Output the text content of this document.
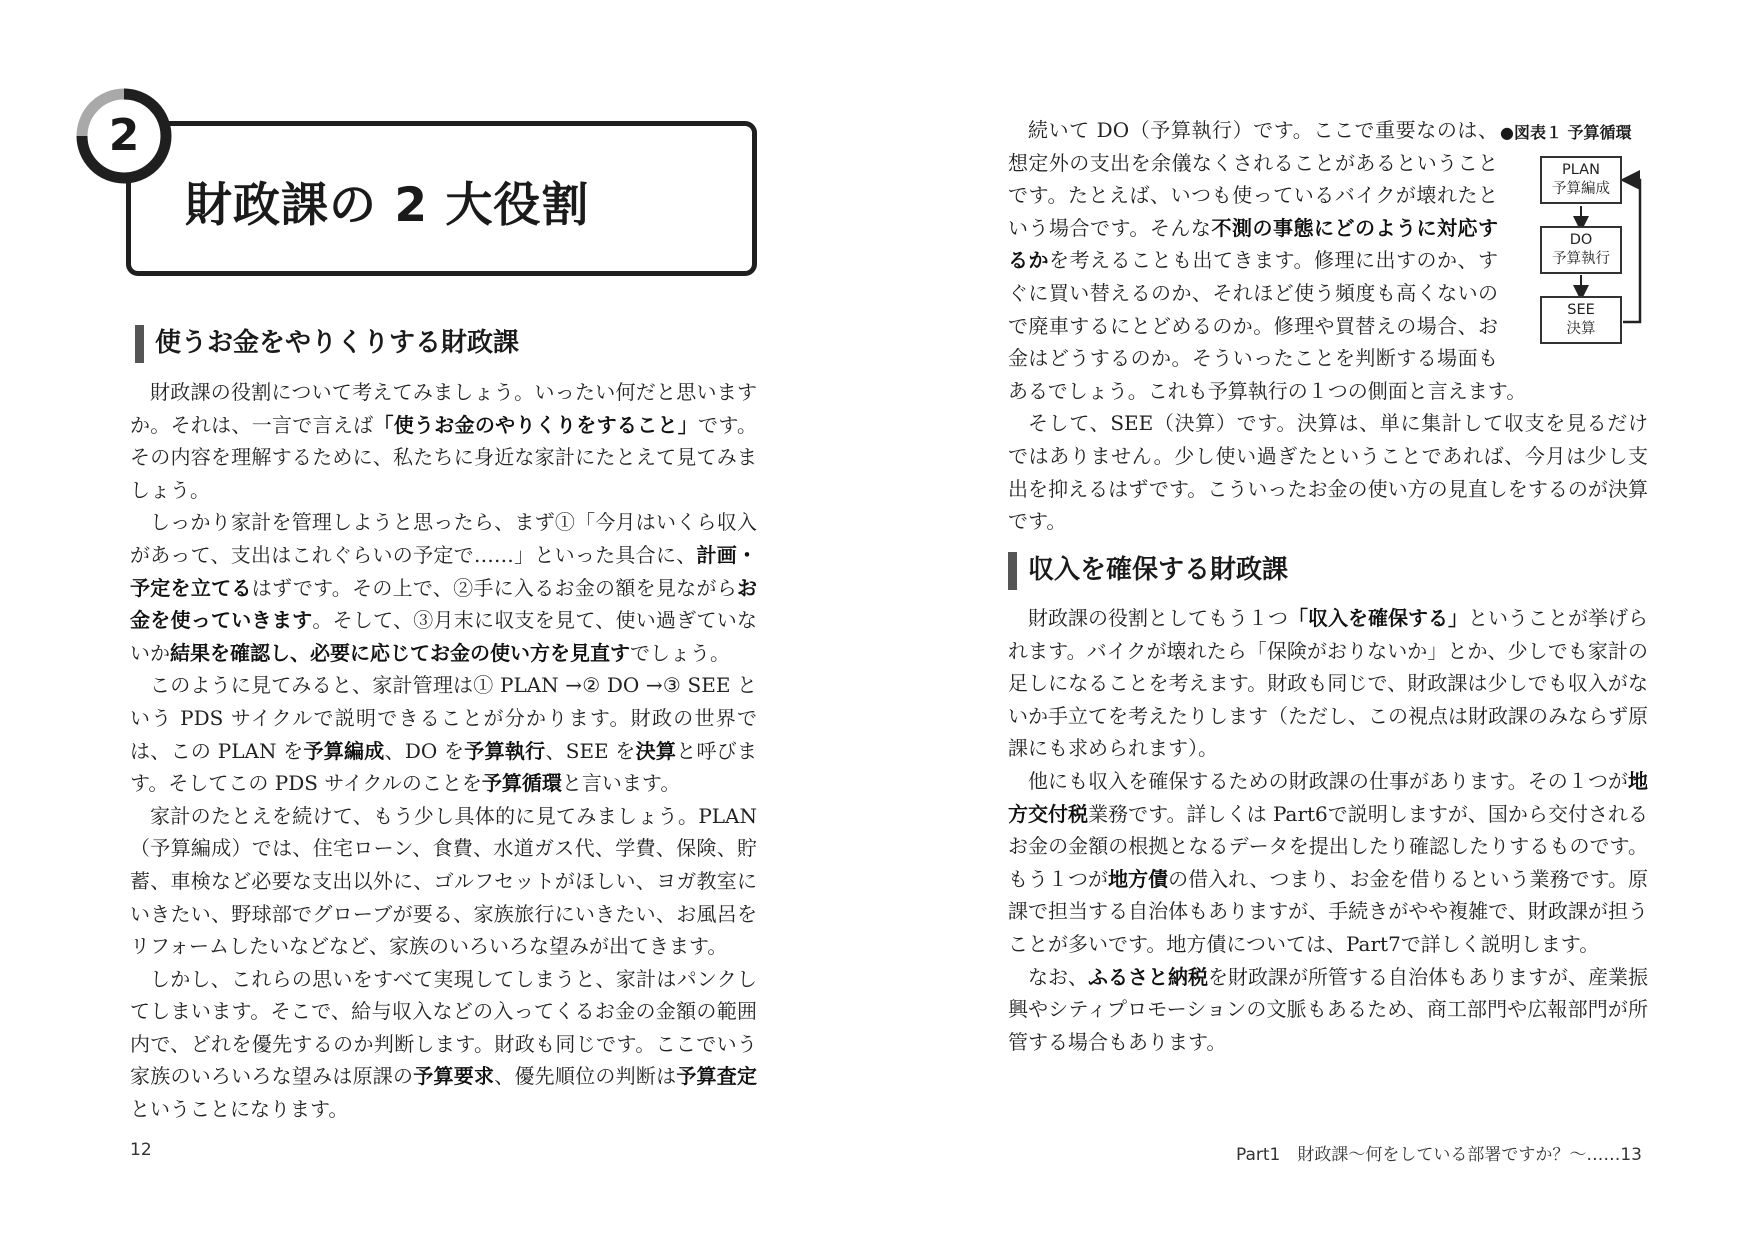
2
財政課の 2 大役割
使うお金をやりくりする財政課

財政課の役割について考えてみましょう。いったい何だと思いますか。それは、一言で言えば「使うお金のやりくりをすること」です。その内容を理解するために、私たちに身近な家計にたとえて見てみましょう。

しっかり家計を管理しようと思ったら、まず①「今月はいくら収入があって、支出はこれぐらいの予定で……」といった具合に、計画・予定を立てるはずです。その上で、②手に入るお金の額を見ながらお金を使っていきます。そして、③月末に収支を見て、使い過ぎていないか結果を確認し、必要に応じてお金の使い方を見直すでしょう。

このように見てみると、家計管理は① PLAN →② DO →③ SEE という PDS サイクルで説明できることが分かります。財政の世界では、この PLAN を予算編成、DO を予算執行、SEE を決算と呼びます。そしてこの PDS サイクルのことを予算循環と言います。

家計のたとえを続けて、もう少し具体的に見てみましょう。PLAN（予算編成）では、住宅ローン、食費、水道ガス代、学費、保険、貯蓄、車検など必要な支出以外に、ゴルフセットがほしい、ヨガ教室にいきたい、野球部でグローブが要る、家族旅行にいきたい、お風呂をリフォームしたいなどなど、家族のいろいろな望みが出てきます。

しかし、これらの思いをすべて実現してしまうと、家計はパンクしてしまいます。そこで、給与収入などの入ってくるお金の金額の範囲内で、どれを優先するのか判断します。財政も同じです。ここでいう家族のいろいろな望みは原課の予算要求、優先順位の判断は予算査定ということになります。

12

続いて DO（予算執行）です。ここで重要なのは、想定外の支出を余儀なくされることがあるということです。たとえば、いつも使っているバイクが壊れたという場合です。そんな不測の事態にどのように対応するかを考えることも出てきます。修理に出すのか、すぐに買い替えるのか、それほど使う頻度も高くないので廃車するにとどめるのか。修理や買替えの場合、お金はどうするのか。そういったことを判断する場面もあるでしょう。これも予算執行の１つの側面と言えます。

そして、SEE（決算）です。決算は、単に集計して収支を見るだけではありません。少し使い過ぎたということであれば、今月は少し支出を抑えるはずです。こういったお金の使い方の見直しをするのが決算です。

●図表１ 予算循環
PLAN
予算編成
DO
予算執行
SEE
決算
収入を確保する財政課

財政課の役割としてもう１つ「収入を確保する」ということが挙げられます。バイクが壊れたら「保険がおりないか」とか、少しでも家計の足しになることを考えます。財政も同じで、財政課は少しでも収入がないか手立てを考えたりします（ただし、この視点は財政課のみならず原課にも求められます）。

他にも収入を確保するための財政課の仕事があります。その１つが地方交付税業務です。詳しくは Part6で説明しますが、国から交付されるお金の金額の根拠となるデータを提出したり確認したりするものです。もう１つが地方債の借入れ、つまり、お金を借りるという業務です。原課で担当する自治体もありますが、手続きがやや複雑で、財政課が担うことが多いです。地方債については、Part7で詳しく説明します。

なお、ふるさと納税を財政課が所管する自治体もありますが、産業振興やシティプロモーションの文脈もあるため、商工部門や広報部門が所管する場合もあります。

Part1　財政課〜何をしている部署ですか？〜……13
